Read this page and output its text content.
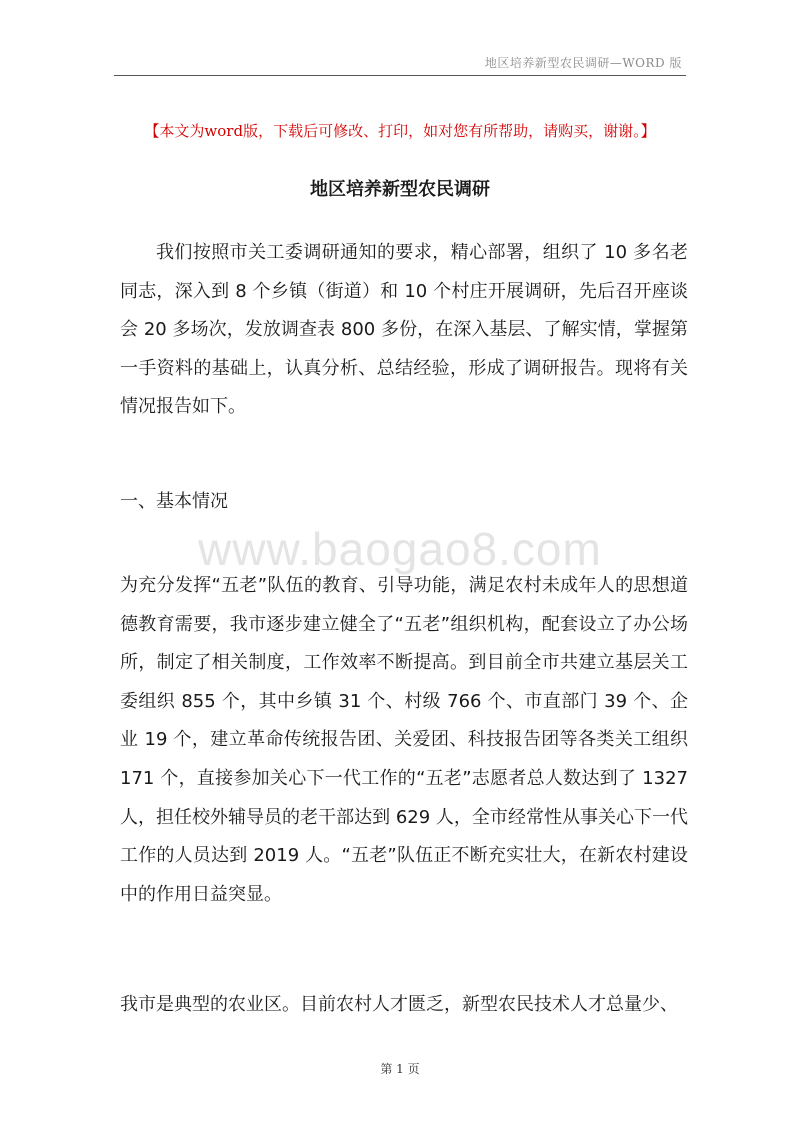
地区培养新型农民调研—WORD 版
【本文为word版，下载后可修改、打印，如对您有所帮助，请购买，谢谢。】
地区培养新型农民调研
我们按照市关工委调研通知的要求，精心部署，组织了 10 多名老同志，深入到 8 个乡镇（街道）和 10 个村庄开展调研，先后召开座谈会 20 多场次，发放调查表 800 多份，在深入基层、了解实情，掌握第一手资料的基础上，认真分析、总结经验，形成了调研报告。现将有关情况报告如下。
一、基本情况
www.baogao8.com
为充分发挥“五老”队伍的教育、引导功能，满足农村未成年人的思想道德教育需要，我市逐步建立健全了“五老”组织机构，配套设立了办公场所，制定了相关制度，工作效率不断提高。到目前全市共建立基层关工委组织 855 个，其中乡镇 31 个、村级 766 个、市直部门 39 个、企业 19 个，建立革命传统报告团、关爱团、科技报告团等各类关工组织 171 个，直接参加关心下一代工作的“五老”志愿者总人数达到了 1327 人，担任校外辅导员的老干部达到 629 人，全市经常性从事关心下一代工作的人员达到 2019 人。“五老”队伍正不断充实壮大，在新农村建设中的作用日益突显。
我市是典型的农业区。目前农村人才匮乏，新型农民技术人才总量少、
第 1 页
